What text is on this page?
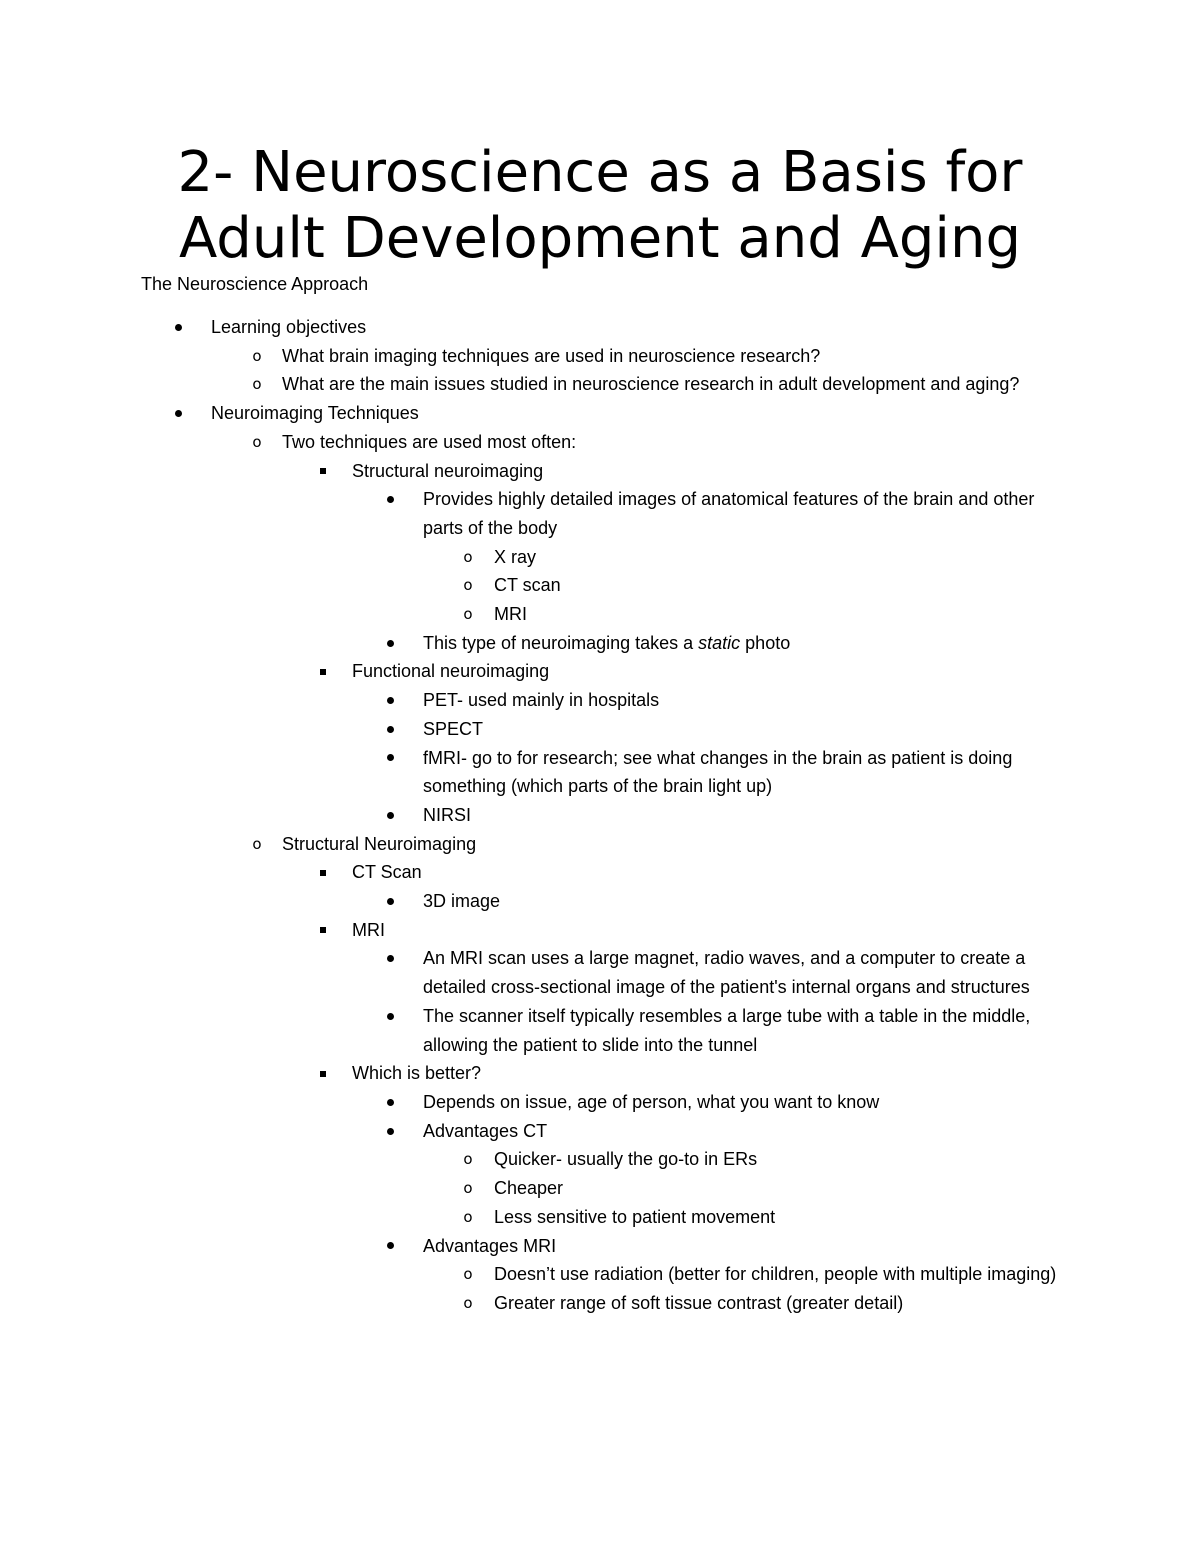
2- Neuroscience as a Basis for
Adult Development and Aging
The Neuroscience Approach
Learning objectives
o What brain imaging techniques are used in neuroscience research?
o What are the main issues studied in neuroscience research in adult development and aging?
Neuroimaging Techniques
o Two techniques are used most often:
Structural neuroimaging
Provides highly detailed images of anatomical features of the brain and other parts of the body
o X ray
o CT scan
o MRI
This type of neuroimaging takes a static photo
Functional neuroimaging
PET- used mainly in hospitals
SPECT
fMRI- go to for research; see what changes in the brain as patient is doing something (which parts of the brain light up)
NIRSI
o Structural Neuroimaging
CT Scan
3D image
MRI
An MRI scan uses a large magnet, radio waves, and a computer to create a detailed cross-sectional image of the patient's internal organs and structures
The scanner itself typically resembles a large tube with a table in the middle, allowing the patient to slide into the tunnel
Which is better?
Depends on issue, age of person, what you want to know
Advantages CT
o Quicker- usually the go-to in ERs
o Cheaper
o Less sensitive to patient movement
Advantages MRI
o Doesn’t use radiation (better for children, people with multiple imaging)
o Greater range of soft tissue contrast (greater detail)
